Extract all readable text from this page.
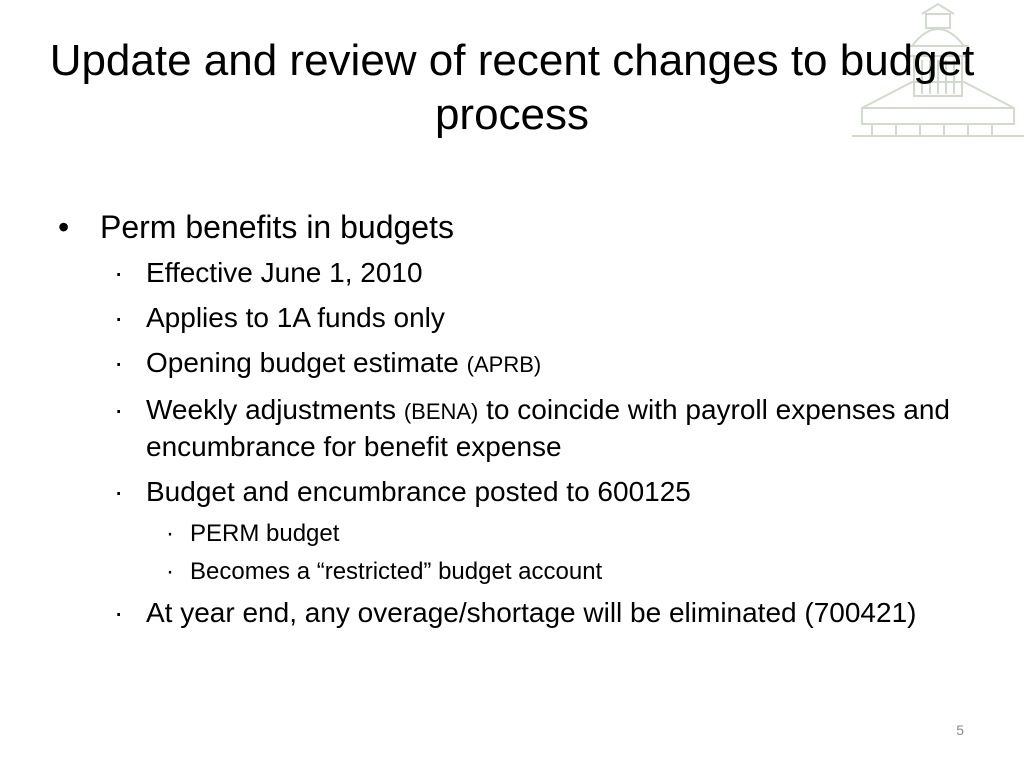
Update and review of recent changes to budget process
• Perm benefits in budgets
· Effective June 1, 2010
· Applies to 1A funds only
· Opening budget estimate (APRB)
· Weekly adjustments (BENA) to coincide with payroll expenses and encumbrance for benefit expense
· Budget and encumbrance posted to 600125
· PERM budget
· Becomes a “restricted” budget account
· At year end, any overage/shortage will be eliminated (700421)
5
